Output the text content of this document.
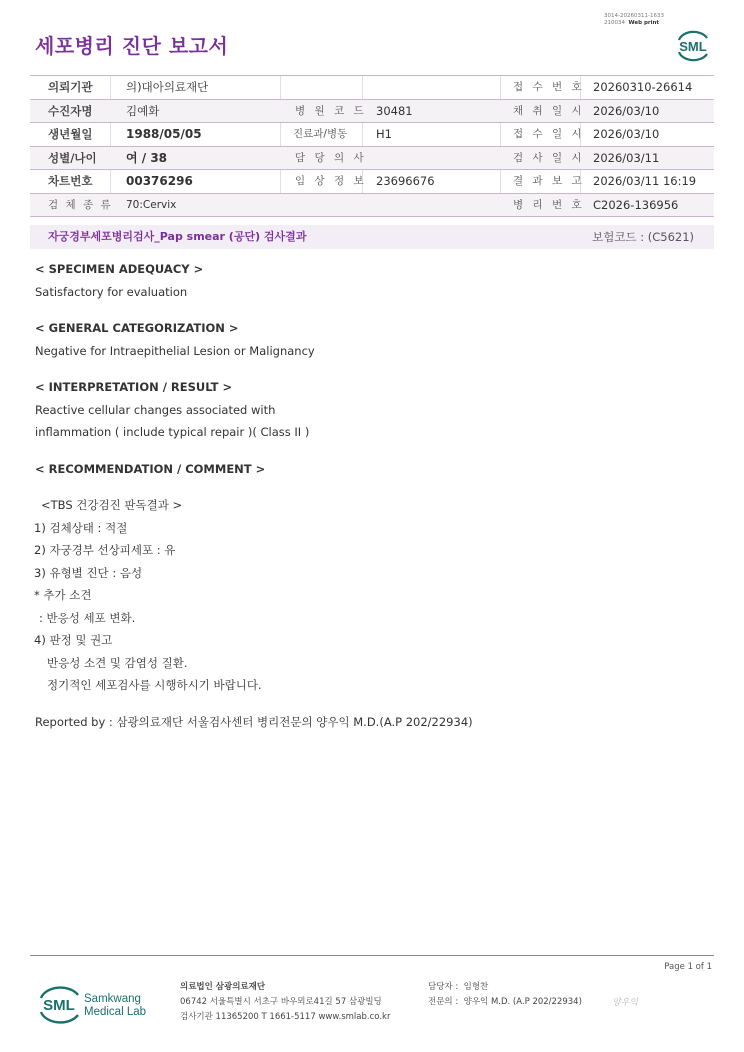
3014-20260311-1633
210034 Web print
세포병리 진단 보고서	SML
의뢰기관	의)대아의료재단	접 수 번 호 20260310-26614
수진자명	김예화	병 원 코 드 30481	채 취 일 시 2026/03/10
생년월일	1988/05/05	진료과/병동 H1	접 수 일 시 2026/03/10
성별/나이 여 / 38	담 당 의 사	검 사 일 시 2026/03/11
차트번호	00376296	임 상 정 보 23696676	결 과 보 고 2026/03/11 16:19
검 체 종 류 70:Cervix	병 리 번 호 C2026-136956
자궁경부세포병리검사_Pap smear (공단) 검사결과	보험코드 : (C5621)
< SPECIMEN ADEQUACY >
Satisfactory for evaluation
< GENERAL CATEGORIZATION >
Negative for Intraepithelial Lesion or Malignancy
< INTERPRETATION / RESULT >
Reactive cellular changes associated with
inflammation ( include typical repair )( Class II )
< RECOMMENDATION / COMMENT >
<TBS 건강검진 판독결과 >
1) 검체상태 : 적절
2) 자궁경부 선상피세포 : 유
3) 유형별 진단 : 음성
* 추가 소견
: 반응성 세포 변화.
4) 판정 및 권고
반응성 소견 및 감염성 질환.
정기적인 세포검사를 시행하시기 바랍니다.
Reported by : 삼광의료재단 서울검사센터 병리전문의 양우익 M.D.(A.P 202/22934)
Page 1 of 1
SML Samkwang
Medical Lab
의료법인 삼광의료재단
06742 서울특별시 서초구 바우뫼로41길 57 삼광빌딩
검사기관 11365200 T 1661-5117 www.smlab.co.kr
담당자 : 임형찬
전문의 : 양우익 M.D. (A.P 202/22934)	양우익
